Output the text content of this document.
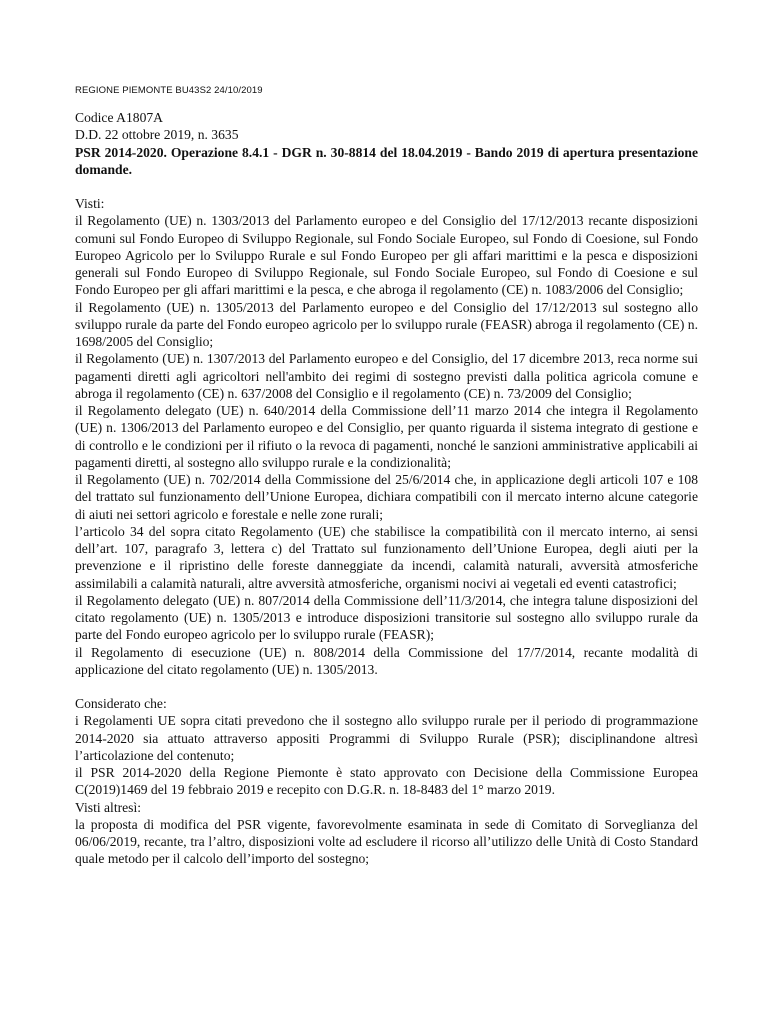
REGIONE PIEMONTE BU43S2 24/10/2019

Codice A1807A

D.D. 22 ottobre 2019, n. 3635

PSR 2014-2020. Operazione 8.4.1 - DGR n. 30-8814 del 18.04.2019 - Bando 2019 di apertura presentazione domande.

Visti:

il Regolamento (UE) n. 1303/2013 del Parlamento europeo e del Consiglio del 17/12/2013 recante disposizioni comuni sul Fondo Europeo di Sviluppo Regionale, sul Fondo Sociale Europeo, sul Fondo di Coesione, sul Fondo Europeo Agricolo per lo Sviluppo Rurale e sul Fondo Europeo per gli affari marittimi e la pesca e disposizioni generali sul Fondo Europeo di Sviluppo Regionale, sul Fondo Sociale Europeo, sul Fondo di Coesione e sul Fondo Europeo per gli affari marittimi e la pesca, e che abroga il regolamento (CE) n. 1083/2006 del Consiglio;

il Regolamento (UE) n. 1305/2013 del Parlamento europeo e del Consiglio del 17/12/2013 sul sostegno allo sviluppo rurale da parte del Fondo europeo agricolo per lo sviluppo rurale (FEASR) abroga il regolamento (CE) n. 1698/2005 del Consiglio;

il Regolamento (UE) n. 1307/2013 del Parlamento europeo e del Consiglio, del 17 dicembre 2013, reca norme sui pagamenti diretti agli agricoltori nell'ambito dei regimi di sostegno previsti dalla politica agricola comune e abroga il regolamento (CE) n. 637/2008 del Consiglio e il regolamento (CE) n. 73/2009 del Consiglio;

il Regolamento delegato (UE) n. 640/2014 della Commissione dell’11 marzo 2014 che integra il Regolamento (UE) n. 1306/2013 del Parlamento europeo e del Consiglio, per quanto riguarda il sistema integrato di gestione e di controllo e le condizioni per il rifiuto o la revoca di pagamenti, nonché le sanzioni amministrative applicabili ai pagamenti diretti, al sostegno allo sviluppo rurale e la condizionalità;

il Regolamento (UE) n. 702/2014 della Commissione del 25/6/2014 che, in applicazione degli articoli 107 e 108 del trattato sul funzionamento dell’Unione Europea, dichiara compatibili con il mercato interno alcune categorie di aiuti nei settori agricolo e forestale e nelle zone rurali;

l’articolo 34 del sopra citato Regolamento (UE) che stabilisce la compatibilità con il mercato interno, ai sensi dell’art. 107, paragrafo 3, lettera c) del Trattato sul funzionamento dell’Unione Europea, degli aiuti per la prevenzione e il ripristino delle foreste danneggiate da incendi, calamità naturali, avversità atmosferiche assimilabili a calamità naturali, altre avversità atmosferiche, organismi nocivi ai vegetali ed eventi catastrofici;

il Regolamento delegato (UE) n. 807/2014 della Commissione dell’11/3/2014, che integra talune disposizioni del citato regolamento (UE) n. 1305/2013 e introduce disposizioni transitorie sul sostegno allo sviluppo rurale da parte del Fondo europeo agricolo per lo sviluppo rurale (FEASR);

il Regolamento di esecuzione (UE) n. 808/2014 della Commissione del 17/7/2014, recante modalità di applicazione del citato regolamento (UE) n. 1305/2013.

Considerato che:

i Regolamenti UE sopra citati prevedono che il sostegno allo sviluppo rurale per il periodo di programmazione 2014-2020 sia attuato attraverso appositi Programmi di Sviluppo Rurale (PSR); disciplinandone altresì l’articolazione del contenuto;

il PSR 2014-2020 della Regione Piemonte è stato approvato con Decisione della Commissione Europea C(2019)1469 del 19 febbraio 2019 e recepito con D.G.R. n. 18-8483 del 1° marzo 2019.

Visti altresì:

la proposta di modifica del PSR vigente, favorevolmente esaminata in sede di Comitato di Sorveglianza del 06/06/2019, recante, tra l’altro, disposizioni volte ad escludere il ricorso all’utilizzo delle Unità di Costo Standard quale metodo per il calcolo dell’importo del sostegno;
